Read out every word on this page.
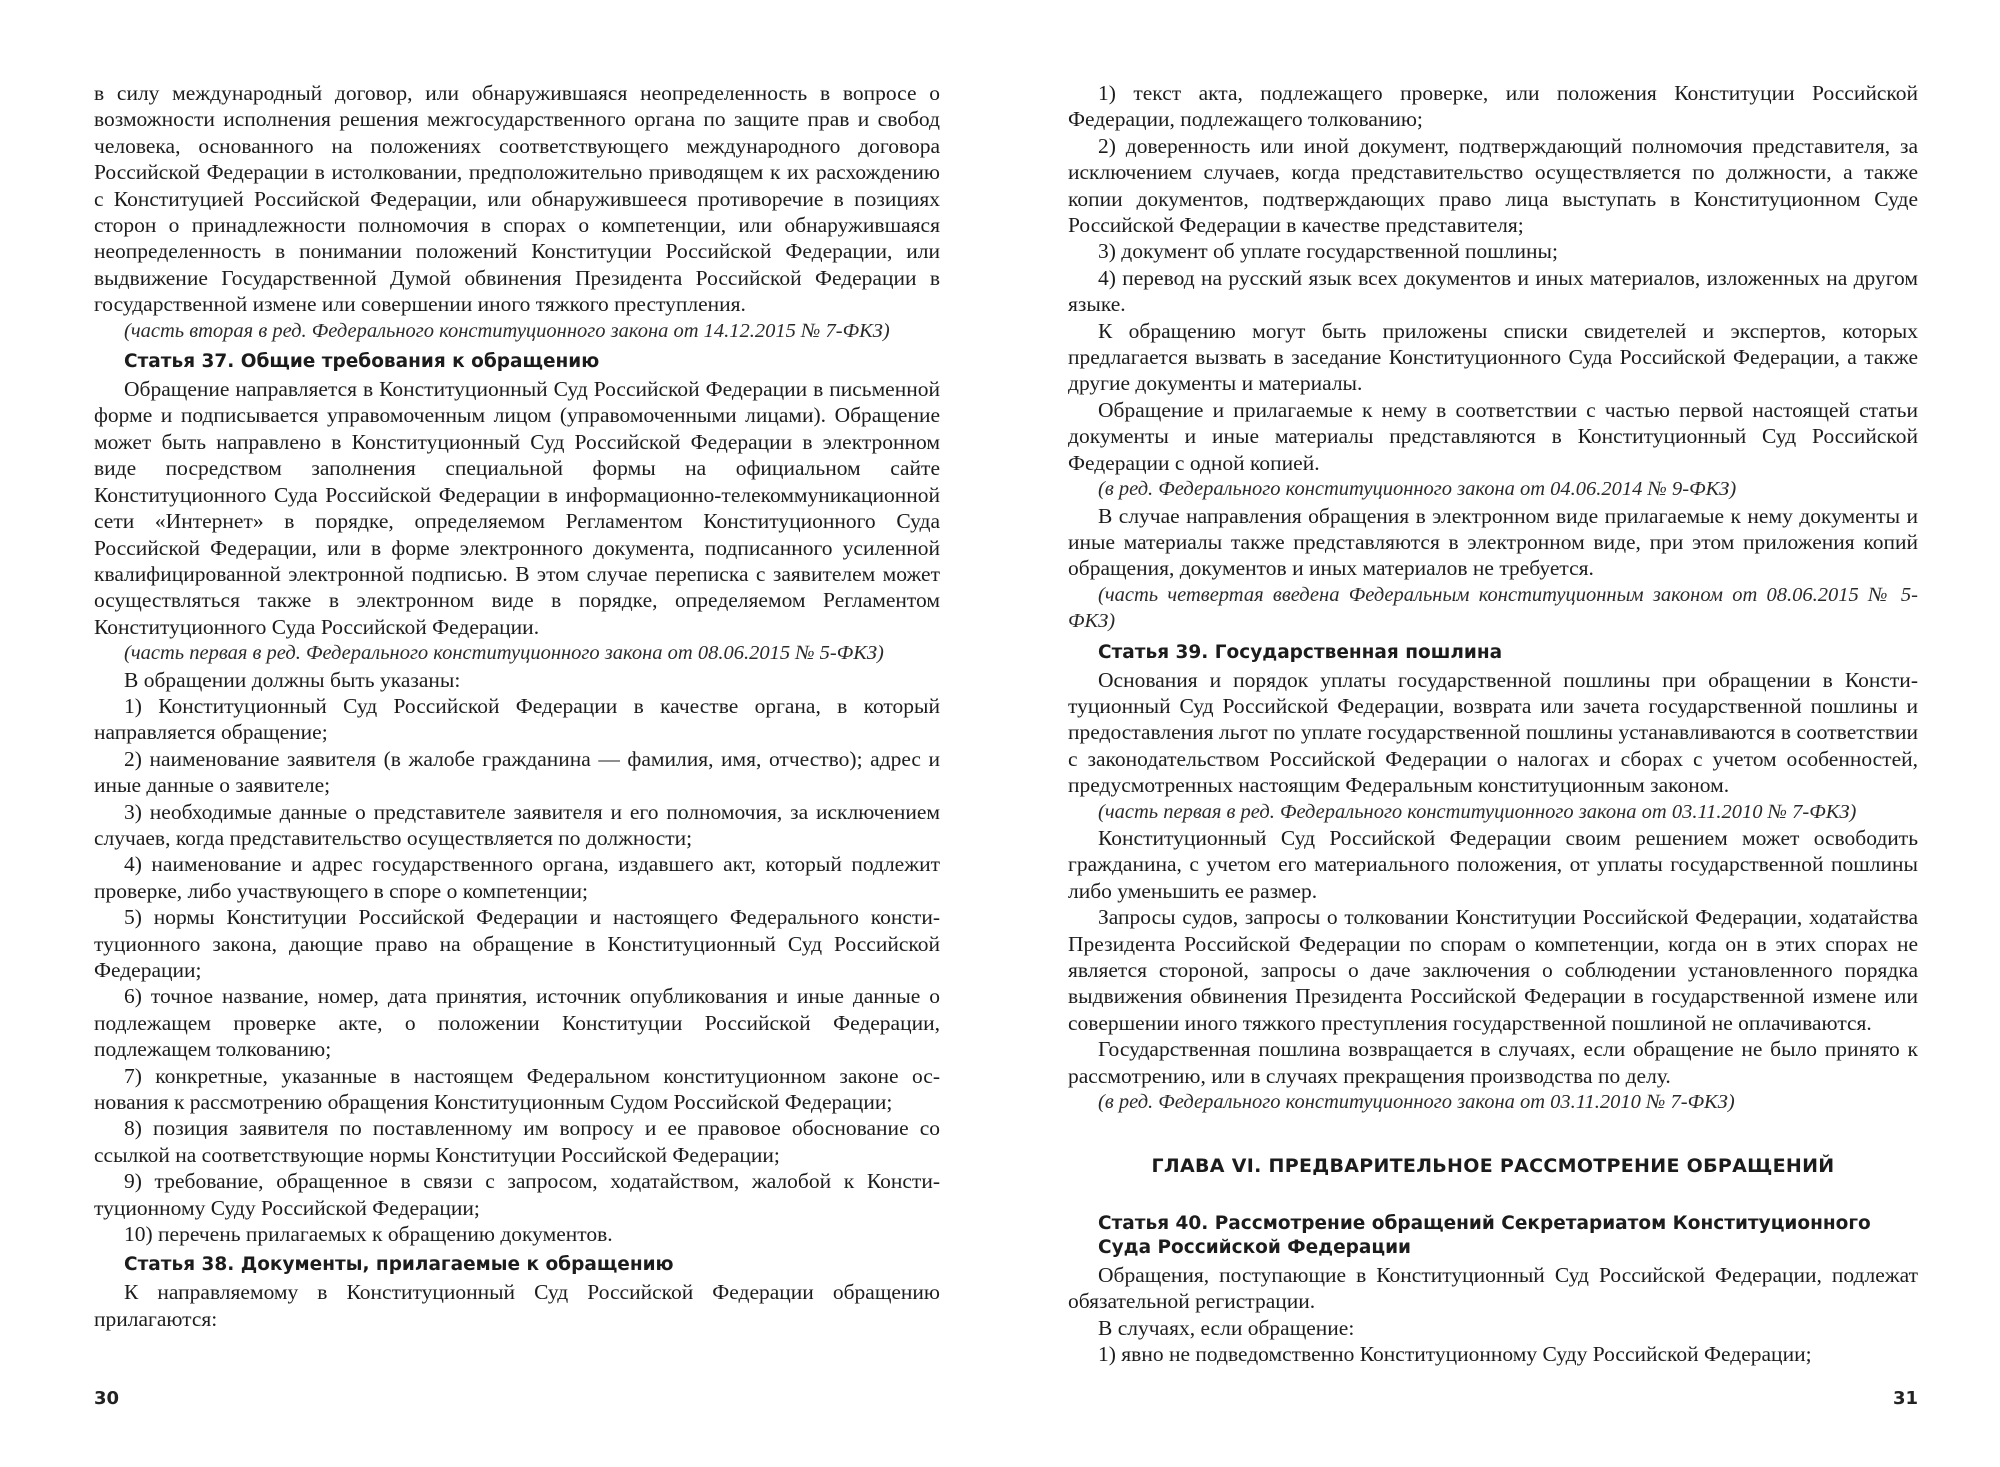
в силу международный договор, или обнаружившаяся неопределенность в вопросе о возможности исполнения решения межгосударственного органа по защите прав и свобод человека, основанного на положениях соответствующего международного договора Российской Федерации в истолковании, предположительно приводящем к их расхождению с Конституцией Российской Федерации, или обнаружившееся противоречие в позициях сторон о принадлежности полномочия в спорах о компетенции, или обнаружившаяся неопределенность в понимании положений Конституции Российской Федерации, или выдвижение Государственной Думой обвинения Президента Российской Федерации в государственной измене или совершении иного тяжкого преступления.
(часть вторая в ред. Федерального конституционного закона от 14.12.2015 № 7-ФКЗ)
Статья 37. Общие требования к обращению
Обращение направляется в Конституционный Суд Российской Федерации в письменной форме и подписывается управомоченным лицом (управомоченными лицами). Обращение может быть направлено в Конституционный Суд Российской Федерации в электронном виде посредством заполнения специальной формы на официальном сайте Конституционного Суда Российской Федерации в информационно-телекоммуникационной сети «Интернет» в порядке, определяемом Регламентом Конституционного Суда Российской Федерации, или в форме электронного документа, подписанного усиленной квалифицированной электронной подписью. В этом случае переписка с заявителем может осуществляться также в электронном виде в порядке, определяемом Регламентом Конституционного Суда Российской Федерации.
(часть первая в ред. Федерального конституционного закона от 08.06.2015 № 5-ФКЗ)
В обращении должны быть указаны:
1) Конституционный Суд Российской Федерации в качестве органа, в который направляется обращение;
2) наименование заявителя (в жалобе гражданина — фамилия, имя, отчество); адрес и иные данные о заявителе;
3) необходимые данные о представителе заявителя и его полномочия, за исключением случаев, когда представительство осуществляется по должности;
4) наименование и адрес государственного органа, издавшего акт, который подлежит проверке, либо участвующего в споре о компетенции;
5) нормы Конституции Российской Федерации и настоящего Федерального конституционного закона, дающие право на обращение в Конституционный Суд Российской Федерации;
6) точное название, номер, дата принятия, источник опубликования и иные данные о подлежащем проверке акте, о положении Конституции Российской Федерации, подлежащем толкованию;
7) конкретные, указанные в настоящем Федеральном конституционном законе основания к рассмотрению обращения Конституционным Судом Российской Федерации;
8) позиция заявителя по поставленному им вопросу и ее правовое обоснование со ссылкой на соответствующие нормы Конституции Российской Федерации;
9) требование, обращенное в связи с запросом, ходатайством, жалобой к Конституционному Суду Российской Федерации;
10) перечень прилагаемых к обращению документов.
Статья 38. Документы, прилагаемые к обращению
К направляемому в Конституционный Суд Российской Федерации обращению прилагаются:
1) текст акта, подлежащего проверке, или положения Конституции Российской Федерации, подлежащего толкованию;
2) доверенность или иной документ, подтверждающий полномочия представителя, за исключением случаев, когда представительство осуществляется по должности, а также копии документов, подтверждающих право лица выступать в Конституционном Суде Российской Федерации в качестве представителя;
3) документ об уплате государственной пошлины;
4) перевод на русский язык всех документов и иных материалов, изложенных на другом языке.
К обращению могут быть приложены списки свидетелей и экспертов, которых предлагается вызвать в заседание Конституционного Суда Российской Федерации, а также другие документы и материалы.
Обращение и прилагаемые к нему в соответствии с частью первой настоящей статьи документы и иные материалы представляются в Конституционный Суд Российской Федерации с одной копией.
(в ред. Федерального конституционного закона от 04.06.2014 № 9-ФКЗ)
В случае направления обращения в электронном виде прилагаемые к нему документы и иные материалы также представляются в электронном виде, при этом приложения копий обращения, документов и иных материалов не требуется.
(часть четвертая введена Федеральным конституционным законом от 08.06.2015 № 5-ФКЗ)
Статья 39. Государственная пошлина
Основания и порядок уплаты государственной пошлины при обращении в Конституционный Суд Российской Федерации, возврата или зачета государственной пошлины и предоставления льгот по уплате государственной пошлины устанавливаются в соответствии с законодательством Российской Федерации о налогах и сборах с учетом особенностей, предусмотренных настоящим Федеральным конституционным законом.
(часть первая в ред. Федерального конституционного закона от 03.11.2010 № 7-ФКЗ)
Конституционный Суд Российской Федерации своим решением может освободить гражданина, с учетом его материального положения, от уплаты государственной пошлины либо уменьшить ее размер.
Запросы судов, запросы о толковании Конституции Российской Федерации, ходатайства Президента Российской Федерации по спорам о компетенции, когда он в этих спорах не является стороной, запросы о даче заключения о соблюдении установленного порядка выдвижения обвинения Президента Российской Федерации в государственной измене или совершении иного тяжкого преступления государственной пошлиной не оплачиваются.
Государственная пошлина возвращается в случаях, если обращение не было принято к рассмотрению, или в случаях прекращения производства по делу.
(в ред. Федерального конституционного закона от 03.11.2010 № 7-ФКЗ)
ГЛАВА VI. ПРЕДВАРИТЕЛЬНОЕ РАССМОТРЕНИЕ ОБРАЩЕНИЙ
Статья 40. Рассмотрение обращений Секретариатом Конституционного Суда Российской Федерации
Обращения, поступающие в Конституционный Суд Российской Федерации, подлежат обязательной регистрации.
В случаях, если обращение:
1) явно не подведомственно Конституционному Суду Российской Федерации;
30	31
